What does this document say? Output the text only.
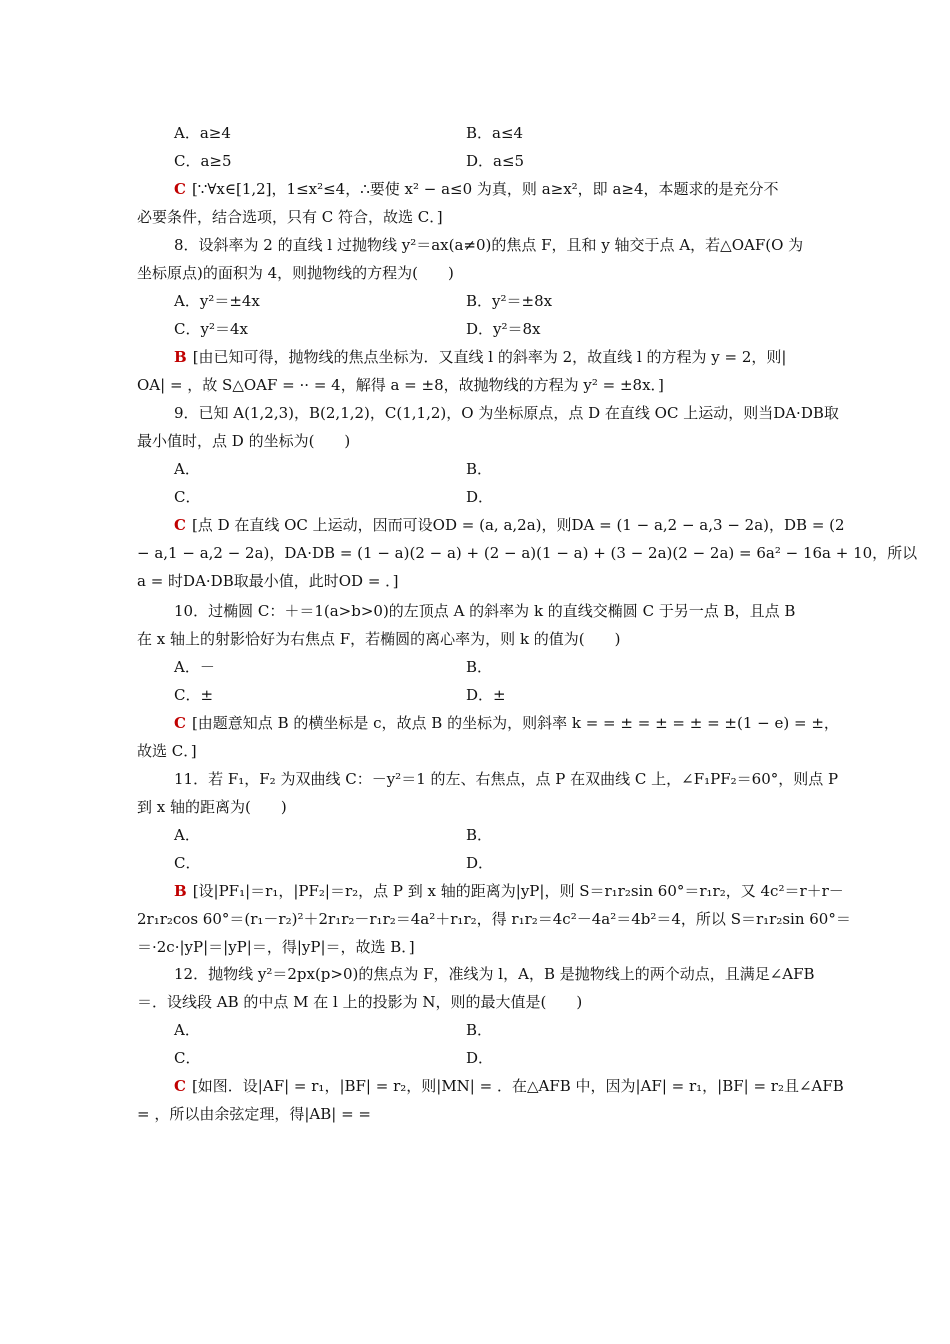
A．a≥4	B．a≤4
C．a≥5	D．a≤5
C [∵∀x∈[1,2]，1≤x²≤4，∴要使 x² − a≤0 为真，则 a≥x²，即 a≥4，本题求的是充分不
必要条件，结合选项，只有 C 符合，故选 C．]
8．设斜率为 2 的直线 l 过抛物线 y²＝ax(a≠0)的焦点 F，且和 y 轴交于点 A，若△OAF(O 为
坐标原点)的面积为 4，则抛物线的方程为(　　)
A．y²＝±4x	B．y²＝±8x
C．y²＝4x	D．y²＝8x
B [由已知可得，抛物线的焦点坐标为．又直线 l 的斜率为 2，故直线 l 的方程为 y = 2，则|
OA| = ，故 S△OAF = ·· = 4，解得 a = ±8，故抛物线的方程为 y² = ±8x．]
9．已知 A(1,2,3)，B(2,1,2)，C(1,1,2)，O 为坐标原点，点 D 在直线 OC 上运动，则当DA·DB取
最小值时，点 D 的坐标为(　　)
A．	B．
C．	D．
C [点 D 在直线 OC 上运动，因而可设OD = (a, a,2a)，则DA = (1 − a,2 − a,3 − 2a)，DB = (2
− a,1 − a,2 − 2a)，DA·DB = (1 − a)(2 − a) + (2 − a)(1 − a) + (3 − 2a)(2 − 2a) = 6a² − 16a + 10，所以
a = 时DA·DB取最小值，此时OD = ．]
10．过椭圆 C：＋＝1(a>b>0)的左顶点 A 的斜率为 k 的直线交椭圆 C 于另一点 B，且点 B
在 x 轴上的射影恰好为右焦点 F，若椭圆的离心率为，则 k 的值为(　　)
A．－	B．
C．±	D．±
C [由题意知点 B 的横坐标是 c，故点 B 的坐标为，则斜率 k = = ± = ± = ± = ±(1 − e) = ±，
故选 C．]
11．若 F₁，F₂ 为双曲线 C：－y²＝1 的左、右焦点，点 P 在双曲线 C 上，∠F₁PF₂＝60°，则点 P
到 x 轴的距离为(　　)
A．	B．
C．	D．
B [设|PF₁|＝r₁，|PF₂|＝r₂，点 P 到 x 轴的距离为|yP|，则 S＝r₁r₂sin 60°＝r₁r₂，又 4c²＝r＋r－
2r₁r₂cos 60°＝(r₁－r₂)²＋2r₁r₂－r₁r₂＝4a²＋r₁r₂，得 r₁r₂＝4c²－4a²＝4b²＝4，所以 S＝r₁r₂sin 60°＝
＝·2c·|yP|＝|yP|＝，得|yP|＝，故选 B．]
12．抛物线 y²＝2px(p>0)的焦点为 F，准线为 l，A，B 是抛物线上的两个动点，且满足∠AFB
＝．设线段 AB 的中点 M 在 l 上的投影为 N，则的最大值是(　　)
A．	B．
C．	D．
C [如图．设|AF| = r₁，|BF| = r₂，则|MN| = ．在△AFB 中，因为|AF| = r₁，|BF| = r₂且∠AFB
= ，所以由余弦定理，得|AB| = =
